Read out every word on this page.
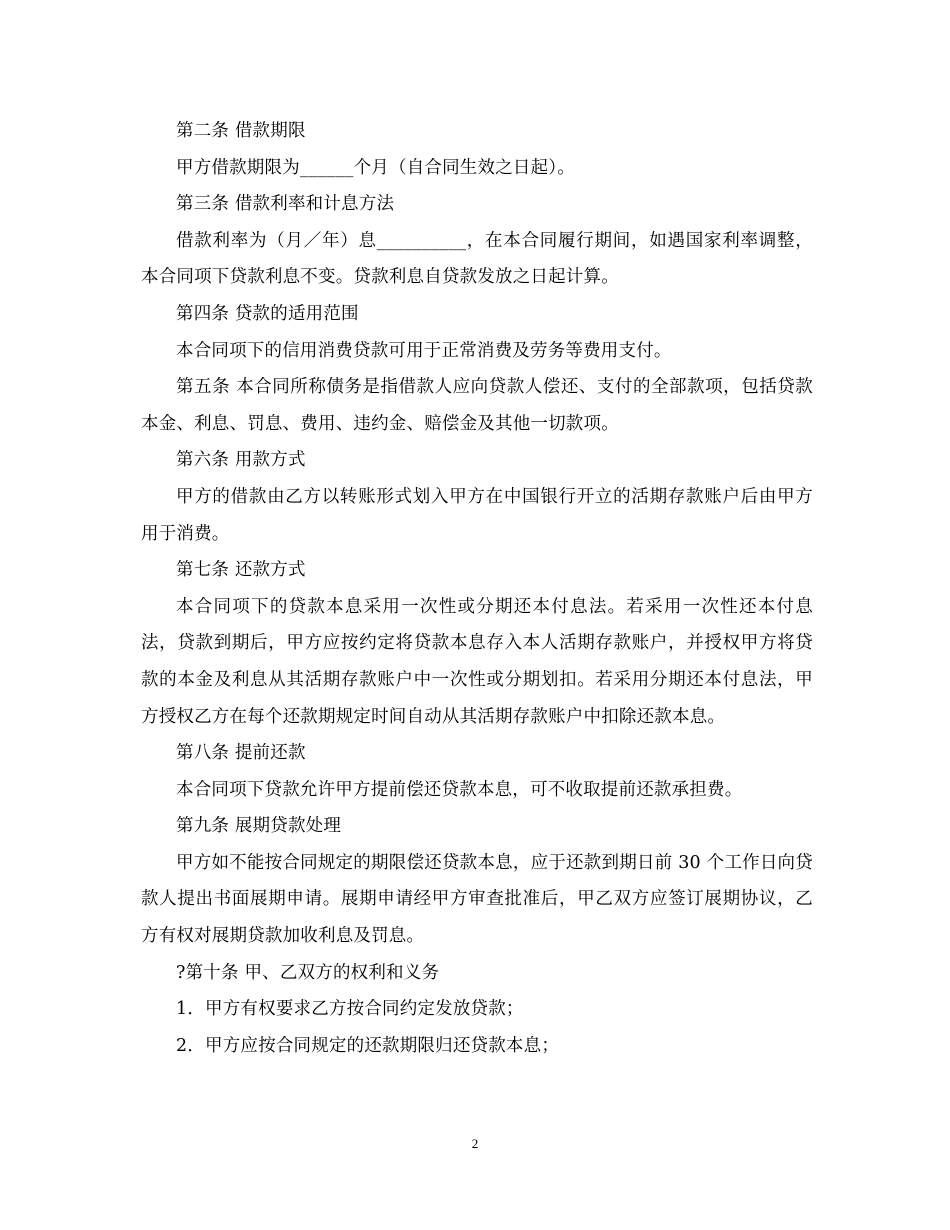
第二条 借款期限

甲方借款期限为______个月（自合同生效之日起）。

第三条 借款利率和计息方法

借款利率为（月／年）息__________，在本合同履行期间，如遇国家利率调整，本合同项下贷款利息不变。贷款利息自贷款发放之日起计算。

第四条 贷款的适用范围

本合同项下的信用消费贷款可用于正常消费及劳务等费用支付。

第五条 本合同所称债务是指借款人应向贷款人偿还、支付的全部款项，包括贷款本金、利息、罚息、费用、违约金、赔偿金及其他一切款项。

第六条 用款方式

甲方的借款由乙方以转账形式划入甲方在中国银行开立的活期存款账户后由甲方用于消费。

第七条 还款方式

本合同项下的贷款本息采用一次性或分期还本付息法。若采用一次性还本付息法，贷款到期后，甲方应按约定将贷款本息存入本人活期存款账户，并授权甲方将贷款的本金及利息从其活期存款账户中一次性或分期划扣。若采用分期还本付息法，甲方授权乙方在每个还款期规定时间自动从其活期存款账户中扣除还款本息。

第八条 提前还款

本合同项下贷款允许甲方提前偿还贷款本息，可不收取提前还款承担费。

第九条 展期贷款处理

甲方如不能按合同规定的期限偿还贷款本息，应于还款到期日前 30 个工作日向贷款人提出书面展期申请。展期申请经甲方审查批准后，甲乙双方应签订展期协议，乙方有权对展期贷款加收利息及罚息。

?第十条 甲、乙双方的权利和义务

1．甲方有权要求乙方按合同约定发放贷款；

2．甲方应按合同规定的还款期限归还贷款本息；

2
